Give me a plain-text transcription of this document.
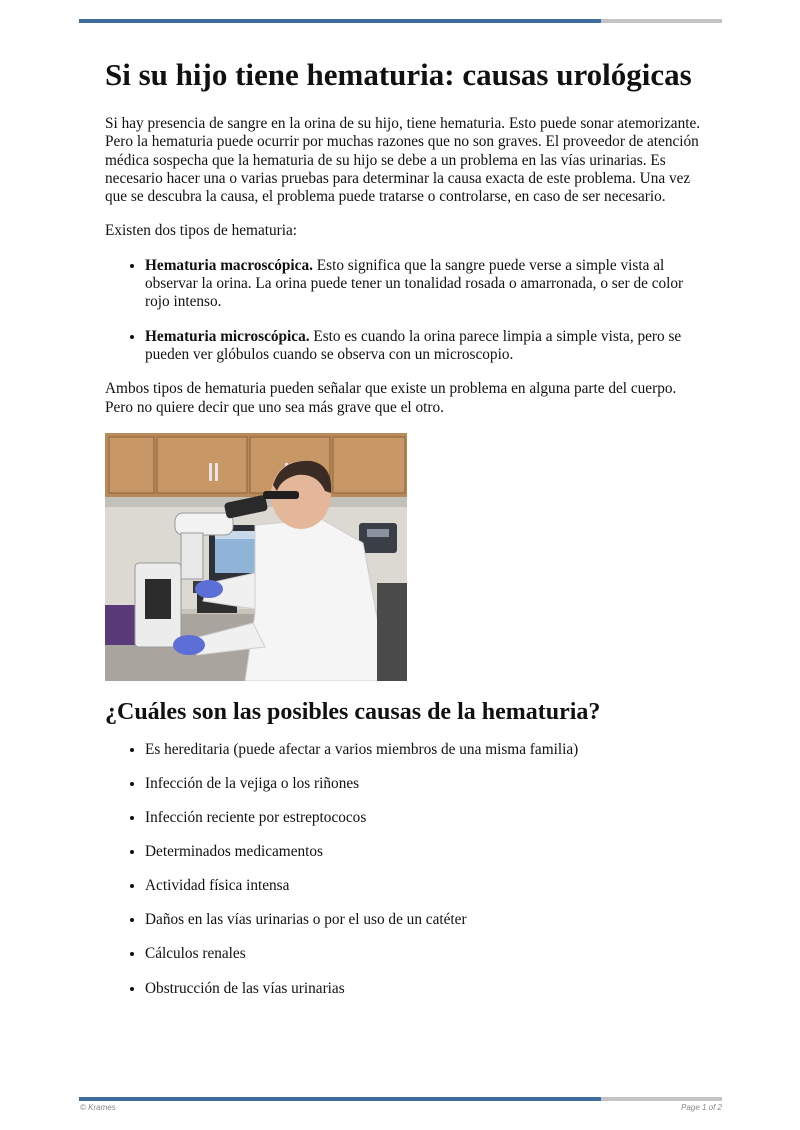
Si su hijo tiene hematuria: causas urológicas

Si hay presencia de sangre en la orina de su hijo, tiene hematuria. Esto puede sonar atemorizante. Pero la hematuria puede ocurrir por muchas razones que no son graves. El proveedor de atención médica sospecha que la hematuria de su hijo se debe a un problema en las vías urinarias. Es necesario hacer una o varias pruebas para determinar la causa exacta de este problema. Una vez que se descubra la causa, el problema puede tratarse o controlarse, en caso de ser necesario.

Existen dos tipos de hematuria:

• Hematuria macroscópica. Esto significa que la sangre puede verse a simple vista al observar la orina. La orina puede tener un tonalidad rosada o amarronada, o ser de color rojo intenso.
• Hematuria microscópica. Esto es cuando la orina parece limpia a simple vista, pero se pueden ver glóbulos cuando se observa con un microscopio.

Ambos tipos de hematuria pueden señalar que existe un problema en alguna parte del cuerpo. Pero no quiere decir que uno sea más grave que el otro.

¿Cuáles son las posibles causas de la hematuria?
• Es hereditaria (puede afectar a varios miembros de una misma familia)
• Infección de la vejiga o los riñones
• Infección reciente por estreptococos
• Determinados medicamentos
• Actividad física intensa
• Daños en las vías urinarias o por el uso de un catéter
• Cálculos renales
• Obstrucción de las vías urinarias
© Krames	Page 1 of 2
